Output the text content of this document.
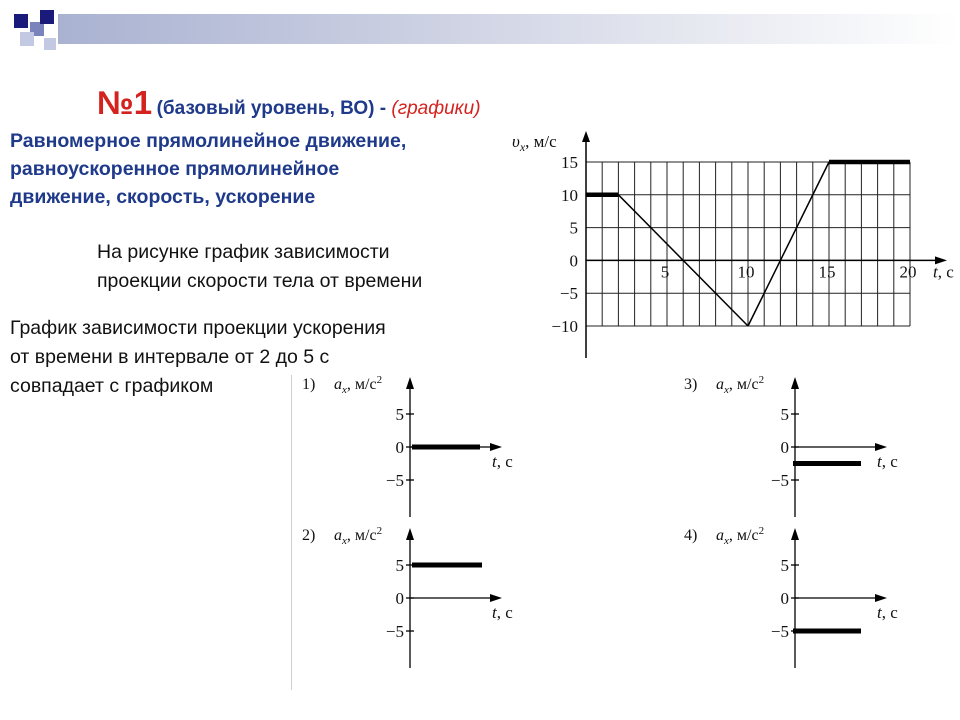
№1 (базовый уровень, ВО) - (графики)
Равномерное прямолинейное движение,
равноускоренное прямолинейное
движение, скорость, ускорение
На рисунке график зависимости
проекции скорости тела от времени
График зависимости проекции ускорения
от времени в интервале от 2 до 5 с
совпадает с графиком
15
10
5
0
−5
−10
5	10	15	20
$\upsilon_x$, м/с
t, с
5
0
−5
1) $a_x$, $м/с^2$
t, с
5
0
−5
2) $a_x$, $м/с^2$
t, с
5
0
−5
3) $a_x$, $м/с^2$
t, с
5
0
−5
4) $a_x$, $м/с^2$
t, с
